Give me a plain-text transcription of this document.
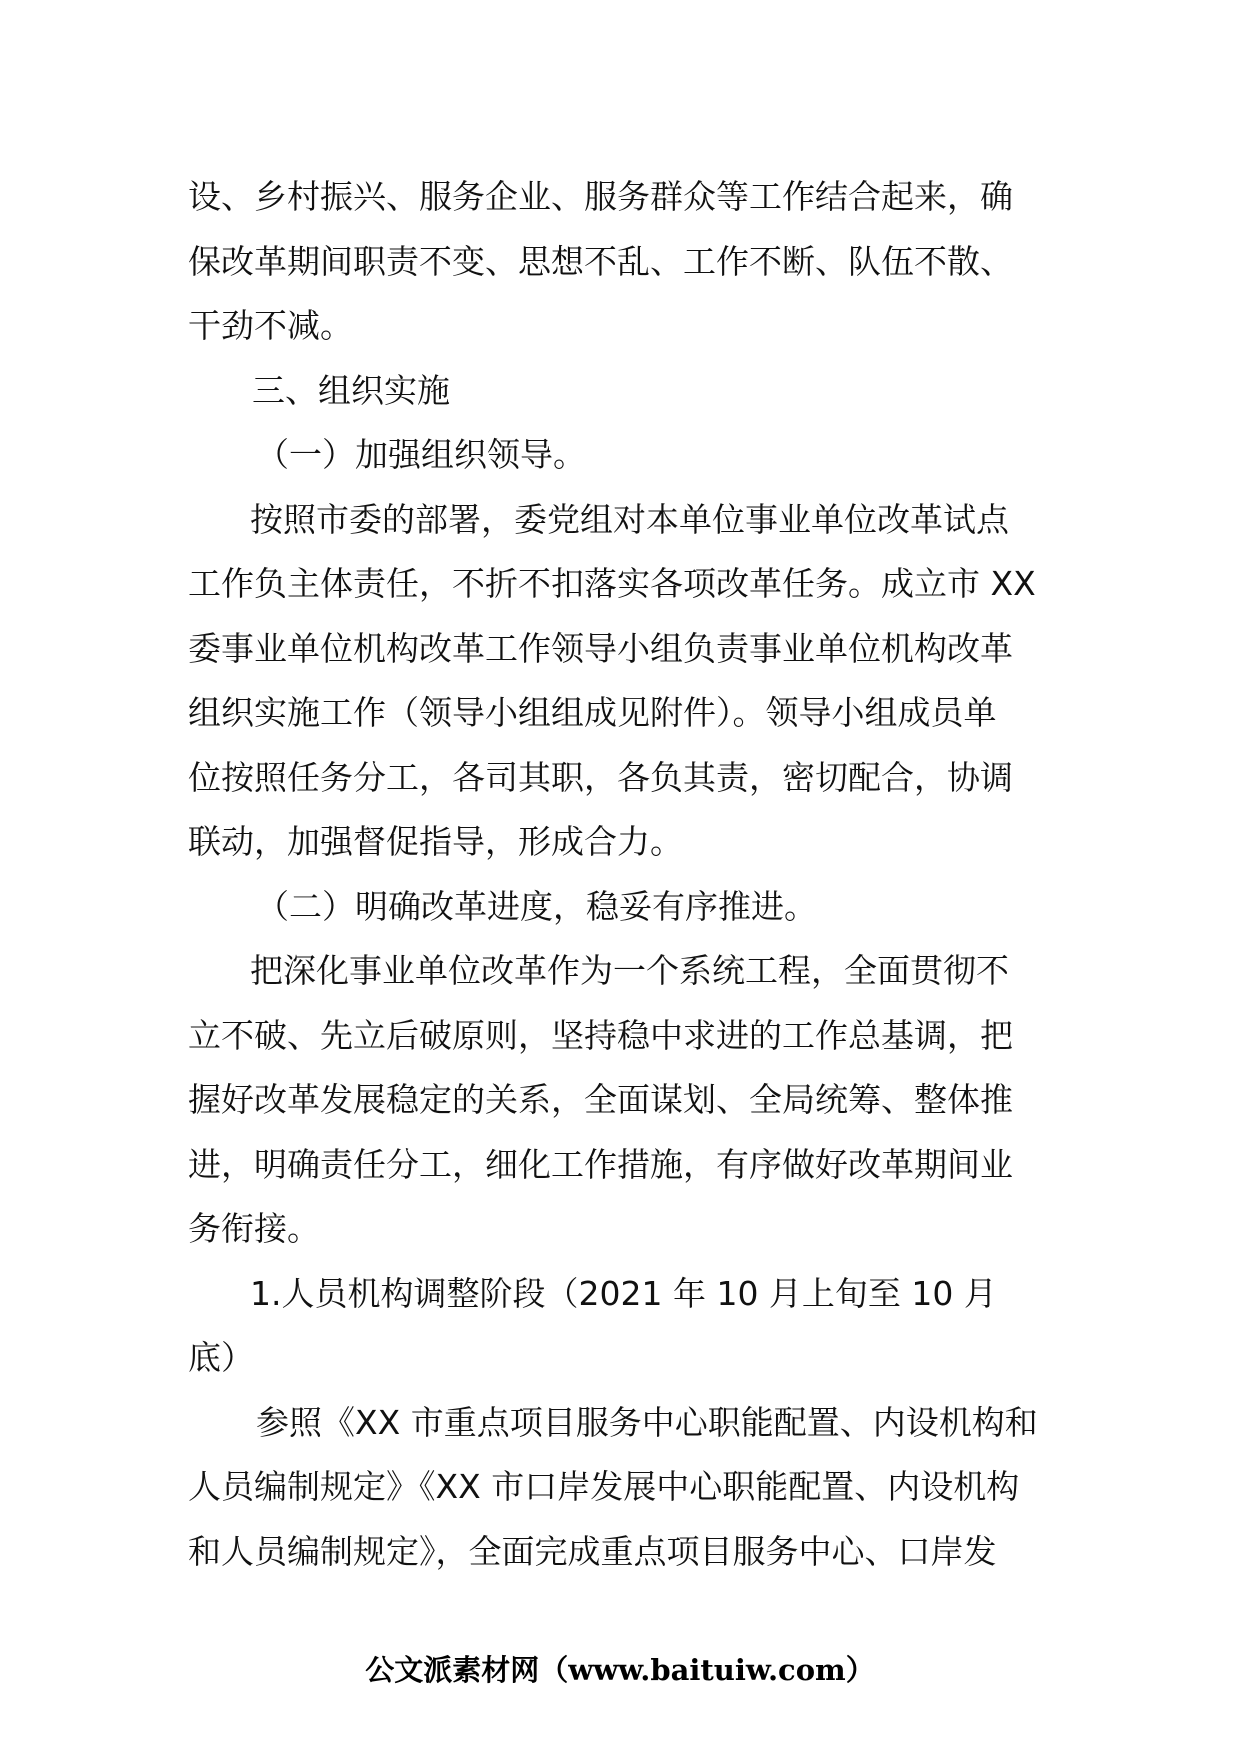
设、乡村振兴、服务企业、服务群众等工作结合起来，确
保改革期间职责不变、思想不乱、工作不断、队伍不散、
干劲不减。
三、组织实施
（一）加强组织领导。
按照市委的部署，委党组对本单位事业单位改革试点
工作负主体责任，不折不扣落实各项改革任务。成立市 XX
委事业单位机构改革工作领导小组负责事业单位机构改革
组织实施工作（领导小组组成见附件）。领导小组成员单
位按照任务分工，各司其职，各负其责，密切配合，协调
联动，加强督促指导，形成合力。
（二）明确改革进度，稳妥有序推进。
把深化事业单位改革作为一个系统工程，全面贯彻不
立不破、先立后破原则，坚持稳中求进的工作总基调，把
握好改革发展稳定的关系，全面谋划、全局统筹、整体推
进，明确责任分工，细化工作措施，有序做好改革期间业
务衔接。
1.人员机构调整阶段（2021 年 10 月上旬至 10 月
底）
参照《XX 市重点项目服务中心职能配置、内设机构和
人员编制规定》《XX 市口岸发展中心职能配置、内设机构
和人员编制规定》，全面完成重点项目服务中心、口岸发
公文派素材网（www.baituiw.com）
